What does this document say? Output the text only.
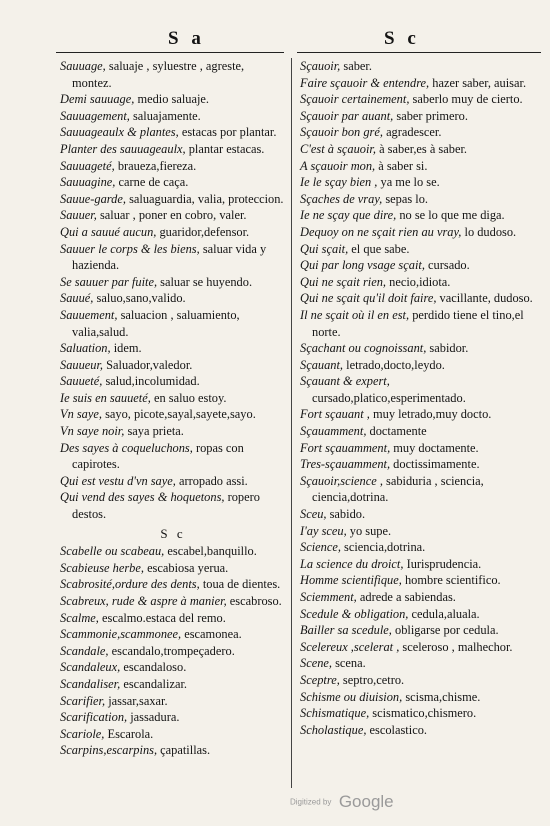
S a	S c

Sauuage, saluaje , syluestre , agreste, montez.

Demi sauuage, medio saluaje.

Sauuagement, saluajamente.

Sauuageaulx & plantes, estacas por plantar.

Planter des sauuageaulx, plantar estacas.

Sauuageté, braueza,fiereza.

Sauuagine, carne de caça.

Sauue-garde, saluaguardia, valia, proteccion.

Sauuer, saluar , poner en cobro, valer.

Qui a sauué aucun, guaridor,defensor.

Sauuer le corps & les biens, saluar vida y hazienda.

Se sauuer par fuite, saluar se huyendo.

Sauué, saluo,sano,valido.

Sauuement, saluacion , saluamiento, valia,salud.

Saluation, idem.

Sauueur, Saluador,valedor.

Sauueté, salud,incolumidad.

Ie suis en sauueté, en saluo estoy.

Vn saye, sayo, picote,sayal,sayete,sayo.

Vn saye noir, saya prieta.

Des sayes à coqueluchons, ropas con capirotes.

Qui est vestu d'vn saye, arropado assi.

Qui vend des sayes & hoquetons, ropero destos.

S c

Scabelle ou scabeau, escabel,banquillo.

Scabieuse herbe, escabiosa yerua.

Scabrosité,ordure des dents, toua de dientes.

Scabreux, rude & aspre à manier, escabroso.

Scalme, escalmo.estaca del remo.

Scammonie,scammonee, escamonea.

Scandale, escandalo,trompeçadero.

Scandaleux, escandaloso.

Scandaliser, escandalizar.

Scarifier, jassar,saxar.

Scarification, jassadura.

Scariole, Escarola.

Scarpins,escarpins, çapatillas.

Sçauoir, saber.

Faire sçauoir & entendre, hazer saber, auisar.

Sçauoir certainement, saberlo muy de cierto.

Sçauoir par auant, saber primero.

Sçauoir bon gré, agradescer.

C'est à sçauoir, à saber,es à saber.

A sçauoir mon, à saber si.

Ie le sçay bien , ya me lo se.

Sçaches de vray, sepas lo.

Ie ne sçay que dire, no se lo que me diga.

Dequoy on ne sçait rien au vray, lo dudoso.

Qui sçait, el que sabe.

Qui par long vsage sçait, cursado.

Qui ne sçait rien, necio,idiota.

Qui ne sçait qu'il doit faire, vacillante, dudoso.

Il ne sçait où il en est, perdido tiene el tino,el norte.

Sçachant ou cognoissant, sabidor.

Sçauant, letrado,docto,leydo.

Sçauant & expert, cursado,platico,esperimentado.

Fort sçauant , muy letrado,muy docto.

Sçauamment, doctamente

Fort sçauamment, muy doctamente.

Tres-sçauamment, doctissimamente.

Sçauoir,science , sabiduria , sciencia, ciencia,dotrina.

Sceu, sabido.

I'ay sceu, yo supe.

Science, sciencia,dotrina.

La science du droict, Iurisprudencia.

Homme scientifique, hombre scientifico.

Sciemment, adrede a sabiendas.

Scedule & obligation, cedula,aluala.

Bailler sa scedule, obligarse por cedula.

Scelereux ,scelerat , sceleroso , malhechor.

Scene, scena.

Sceptre, septro,cetro.

Schisme ou diuision, scisma,chisme.

Schismatique, scismatico,chismero.

Scholastique, escolastico.

Digitized by Google
